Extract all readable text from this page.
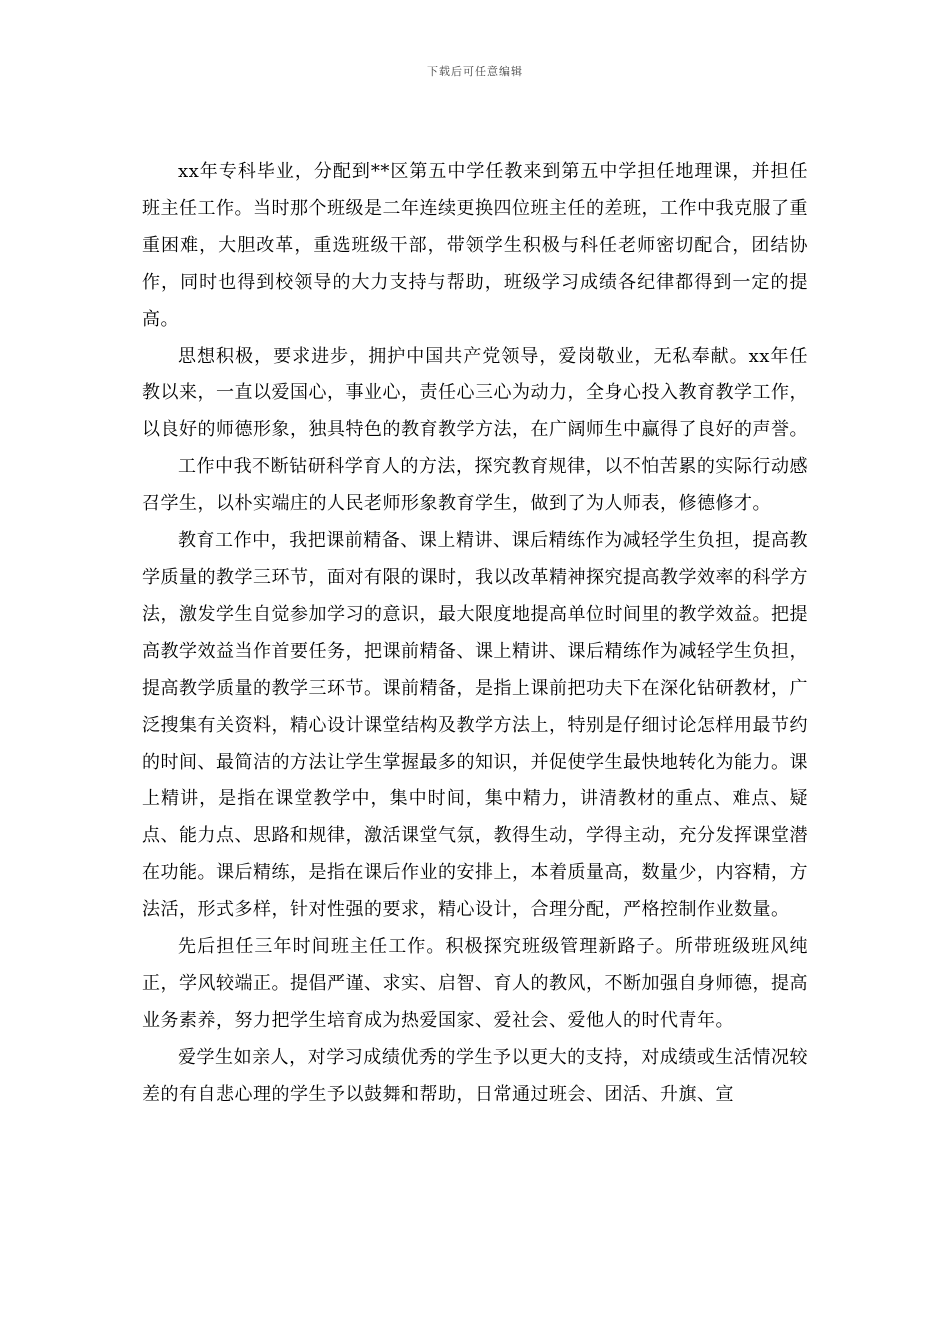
下载后可任意编辑

xx年专科毕业，分配到**区第五中学任教来到第五中学担任地理课，并担任班主任工作。当时那个班级是二年连续更换四位班主任的差班，工作中我克服了重重困难，大胆改革，重选班级干部，带领学生积极与科任老师密切配合，团结协作，同时也得到校领导的大力支持与帮助，班级学习成绩各纪律都得到一定的提高。

思想积极，要求进步，拥护中国共产党领导，爱岗敬业，无私奉献。xx年任教以来，一直以爱国心，事业心，责任心三心为动力，全身心投入教育教学工作，以良好的师德形象，独具特色的教育教学方法，在广阔师生中赢得了良好的声誉。

工作中我不断钻研科学育人的方法，探究教育规律，以不怕苦累的实际行动感召学生，以朴实端庄的人民老师形象教育学生，做到了为人师表，修德修才。

教育工作中，我把课前精备、课上精讲、课后精练作为减轻学生负担，提高教学质量的教学三环节，面对有限的课时，我以改革精神探究提高教学效率的科学方法，激发学生自觉参加学习的意识，最大限度地提高单位时间里的教学效益。把提高教学效益当作首要任务，把课前精备、课上精讲、课后精练作为减轻学生负担，提高教学质量的教学三环节。课前精备，是指上课前把功夫下在深化钻研教材，广泛搜集有关资料，精心设计课堂结构及教学方法上，特别是仔细讨论怎样用最节约的时间、最简洁的方法让学生掌握最多的知识，并促使学生最快地转化为能力。课上精讲，是指在课堂教学中，集中时间，集中精力，讲清教材的重点、难点、疑点、能力点、思路和规律，激活课堂气氛，教得生动，学得主动，充分发挥课堂潜在功能。课后精练，是指在课后作业的安排上，本着质量高，数量少，内容精，方法活，形式多样，针对性强的要求，精心设计，合理分配，严格控制作业数量。

先后担任三年时间班主任工作。积极探究班级管理新路子。所带班级班风纯正，学风较端正。提倡严谨、求实、启智、育人的教风，不断加强自身师德，提高业务素养，努力把学生培育成为热爱国家、爱社会、爱他人的时代青年。

爱学生如亲人，对学习成绩优秀的学生予以更大的支持，对成绩或生活情况较差的有自悲心理的学生予以鼓舞和帮助，日常通过班会、团活、升旗、宣
